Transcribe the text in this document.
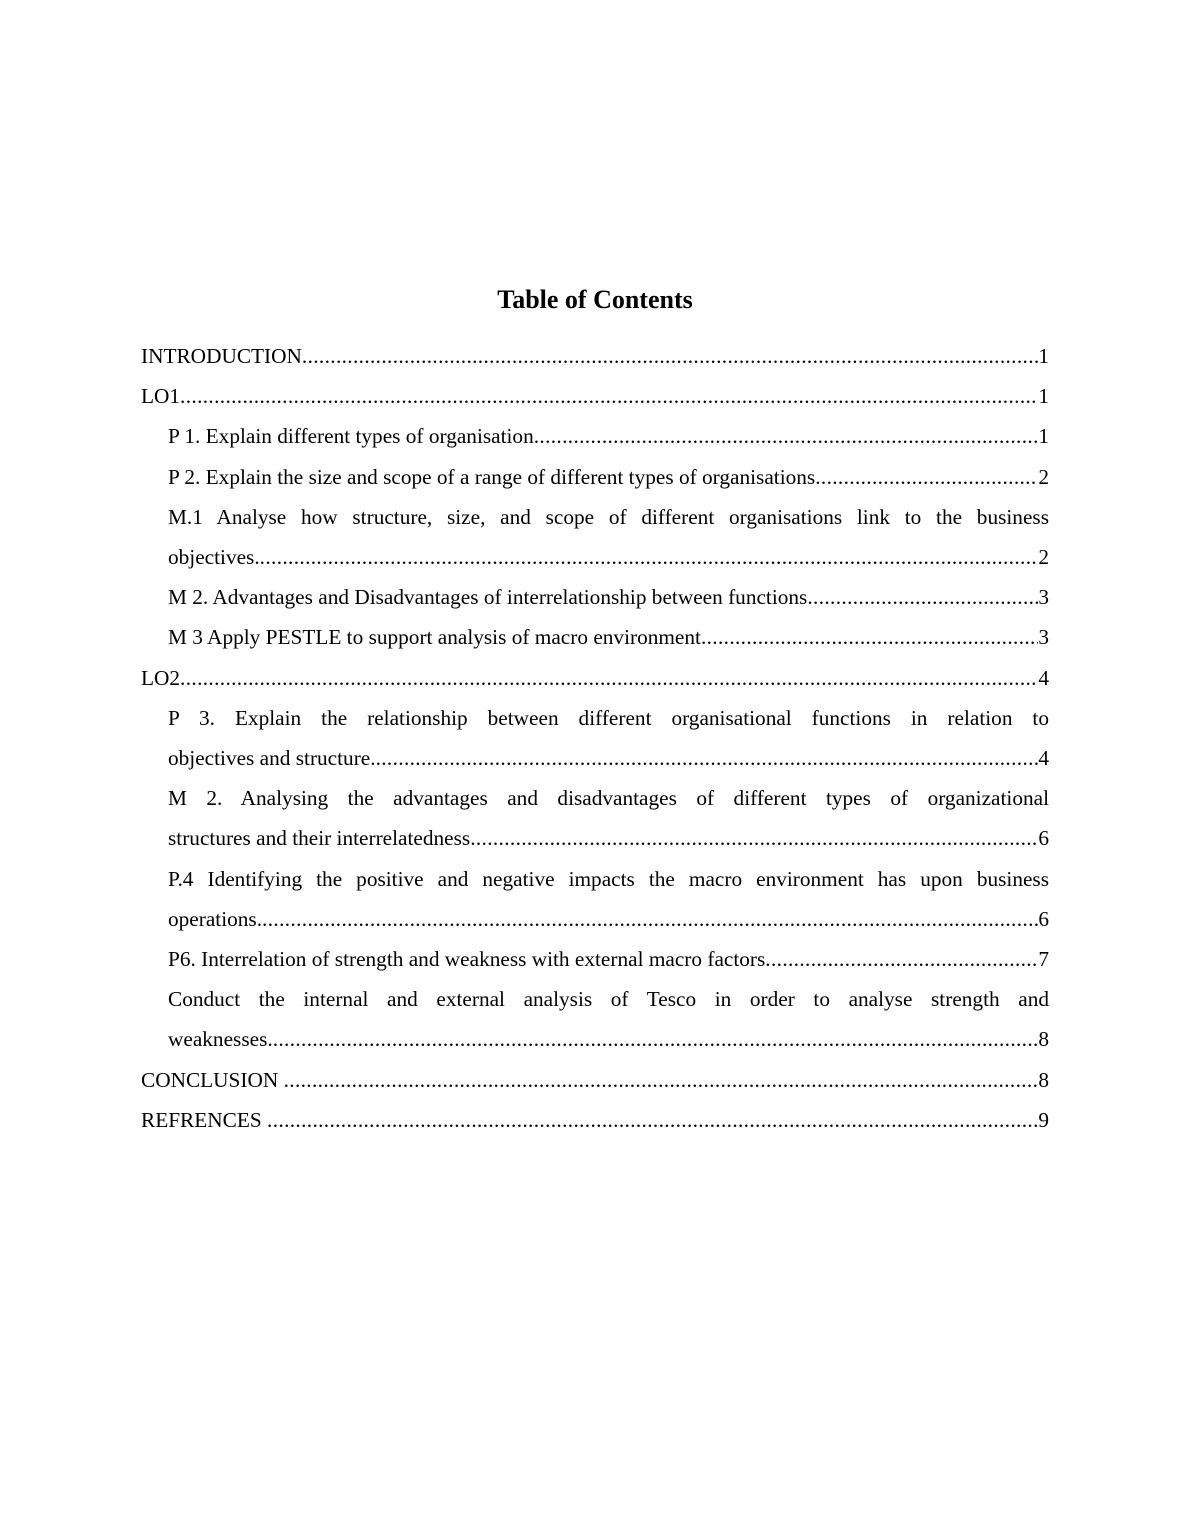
Table of Contents
INTRODUCTION .....	1
LO1 .....	1
P 1. Explain different types of organisation .....	1
P 2. Explain the size and scope of a range of different types of organisations .....	2
M.1 Analyse how structure, size, and scope of different organisations link to the business
objectives. .....	2
M 2. Advantages and Disadvantages of interrelationship between functions .....	3
M 3 Apply PESTLE to support analysis of macro environment .....	3
LO2 .....	4
P 3. Explain the relationship between different organisational functions in relation to
objectives and structure. .....	4
M 2. Analysing the advantages and disadvantages of different types of organizational
structures and their interrelatedness .....	6
P.4 Identifying the positive and negative impacts the macro environment has upon business
operations. .....	6
P6. Interrelation of strength and weakness with external macro factors .....	7
Conduct the internal and external analysis of Tesco in order to analyse strength and
weaknesses. .....	8
CONCLUSION .....	8
REFRENCES .....	9
